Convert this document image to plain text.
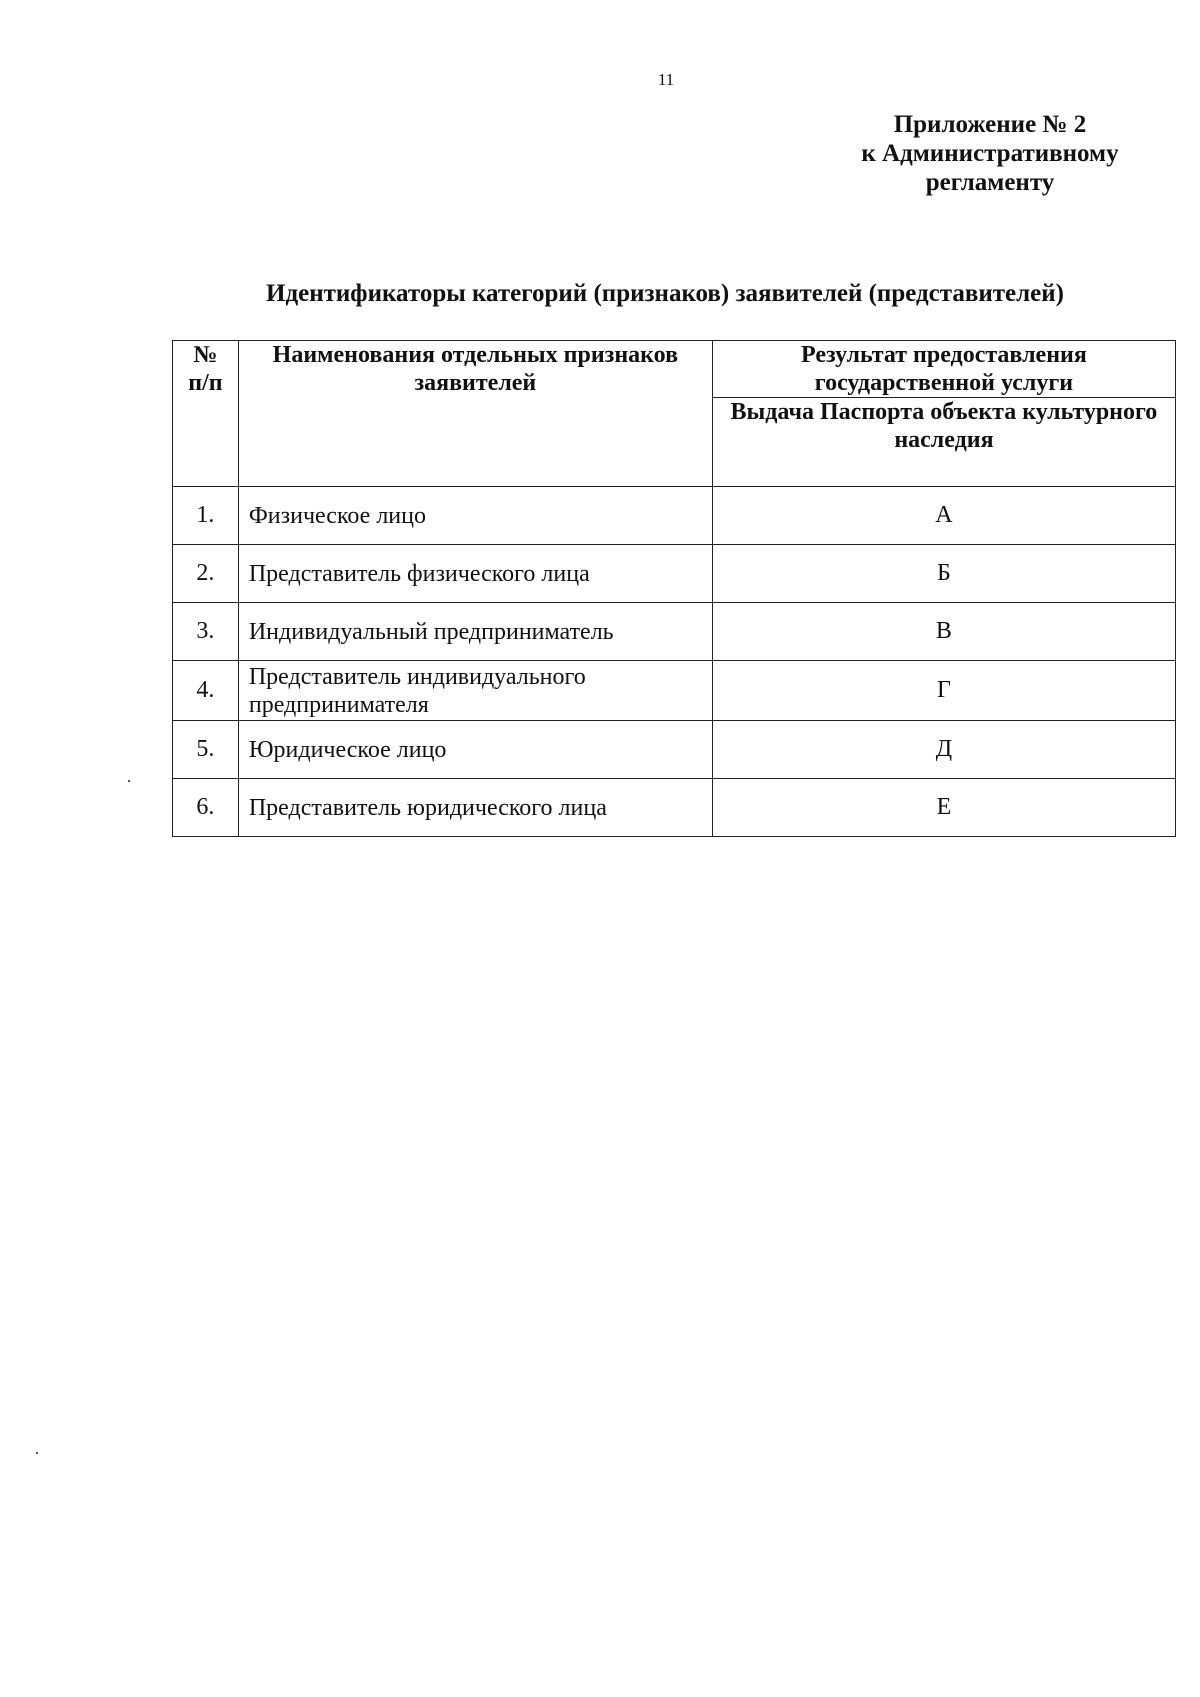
11
Приложение № 2
к Административному
регламенту
Идентификаторы категорий (признаков) заявителей (представителей)
№ п/п	Наименования отдельных признаков заявителей	Результат предоставления государственной услуги
		Выдача Паспорта объекта культурного наследия
1.	Физическое лицо	А
2.	Представитель физического лица	Б
3.	Индивидуальный предприниматель	В
4.	Представитель индивидуального предпринимателя	Г
5.	Юридическое лицо	Д
6.	Представитель юридического лица	Е
